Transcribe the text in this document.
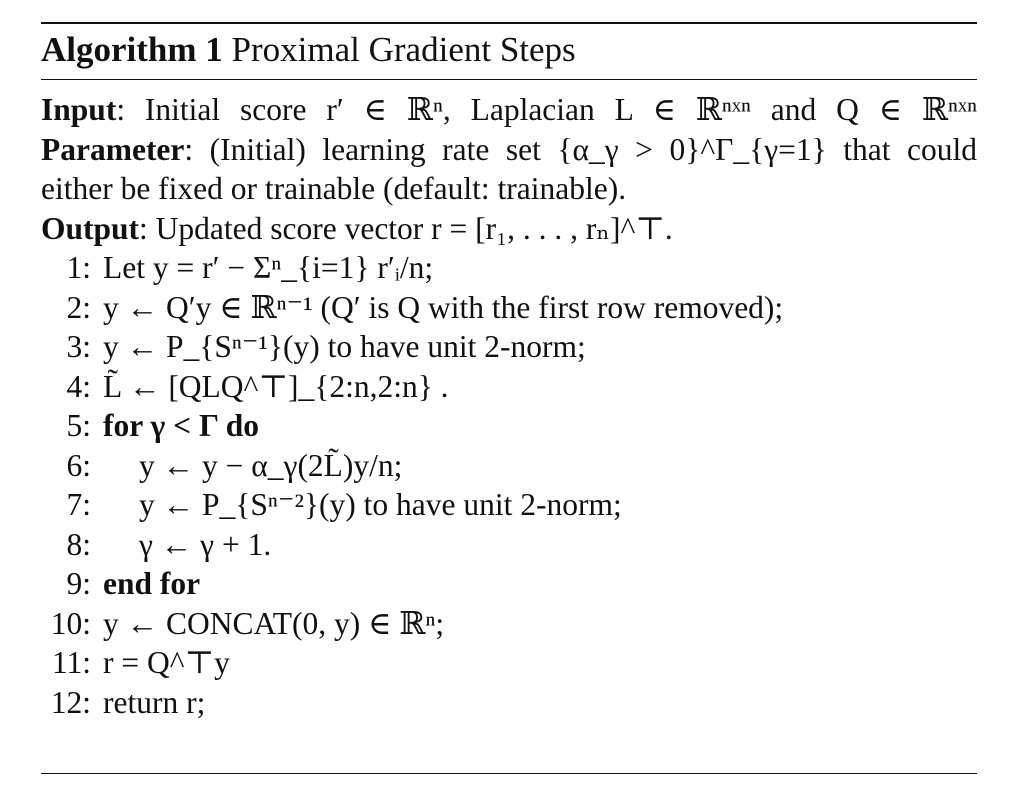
Algorithm 1 Proximal Gradient Steps
Input: Initial score r′ ∈ ℝⁿ, Laplacian L ∈ ℝⁿˣⁿ and Q ∈ ℝⁿˣⁿ
Parameter: (Initial) learning rate set {α_γ > 0}^Γ_{γ=1} that could either be fixed or trainable (default: trainable).
Output: Updated score vector r = [r₁, . . . , rₙ]^⊤.
1 : Let y = r′ − Σⁿ_{i=1} r′ᵢ/n;
2 : y ← Q′y ∈ ℝⁿ⁻¹ (Q′ is Q with the first row removed);
3 : y ← P_{Sⁿ⁻¹}(y) to have unit 2-norm;
4 : L̃ ← [QLQ^⊤]_{2:n,2:n} .
5 : for γ < Γ do
6 :	y ← y − α_γ(2L̃)y/n;
7 :	y ← P_{Sⁿ⁻²}(y) to have unit 2-norm;
8 :	γ ← γ + 1.
9 : end for
10 : y ← CONCAT(0, y) ∈ ℝⁿ;
11 : r = Q^⊤y
12 : return r;
